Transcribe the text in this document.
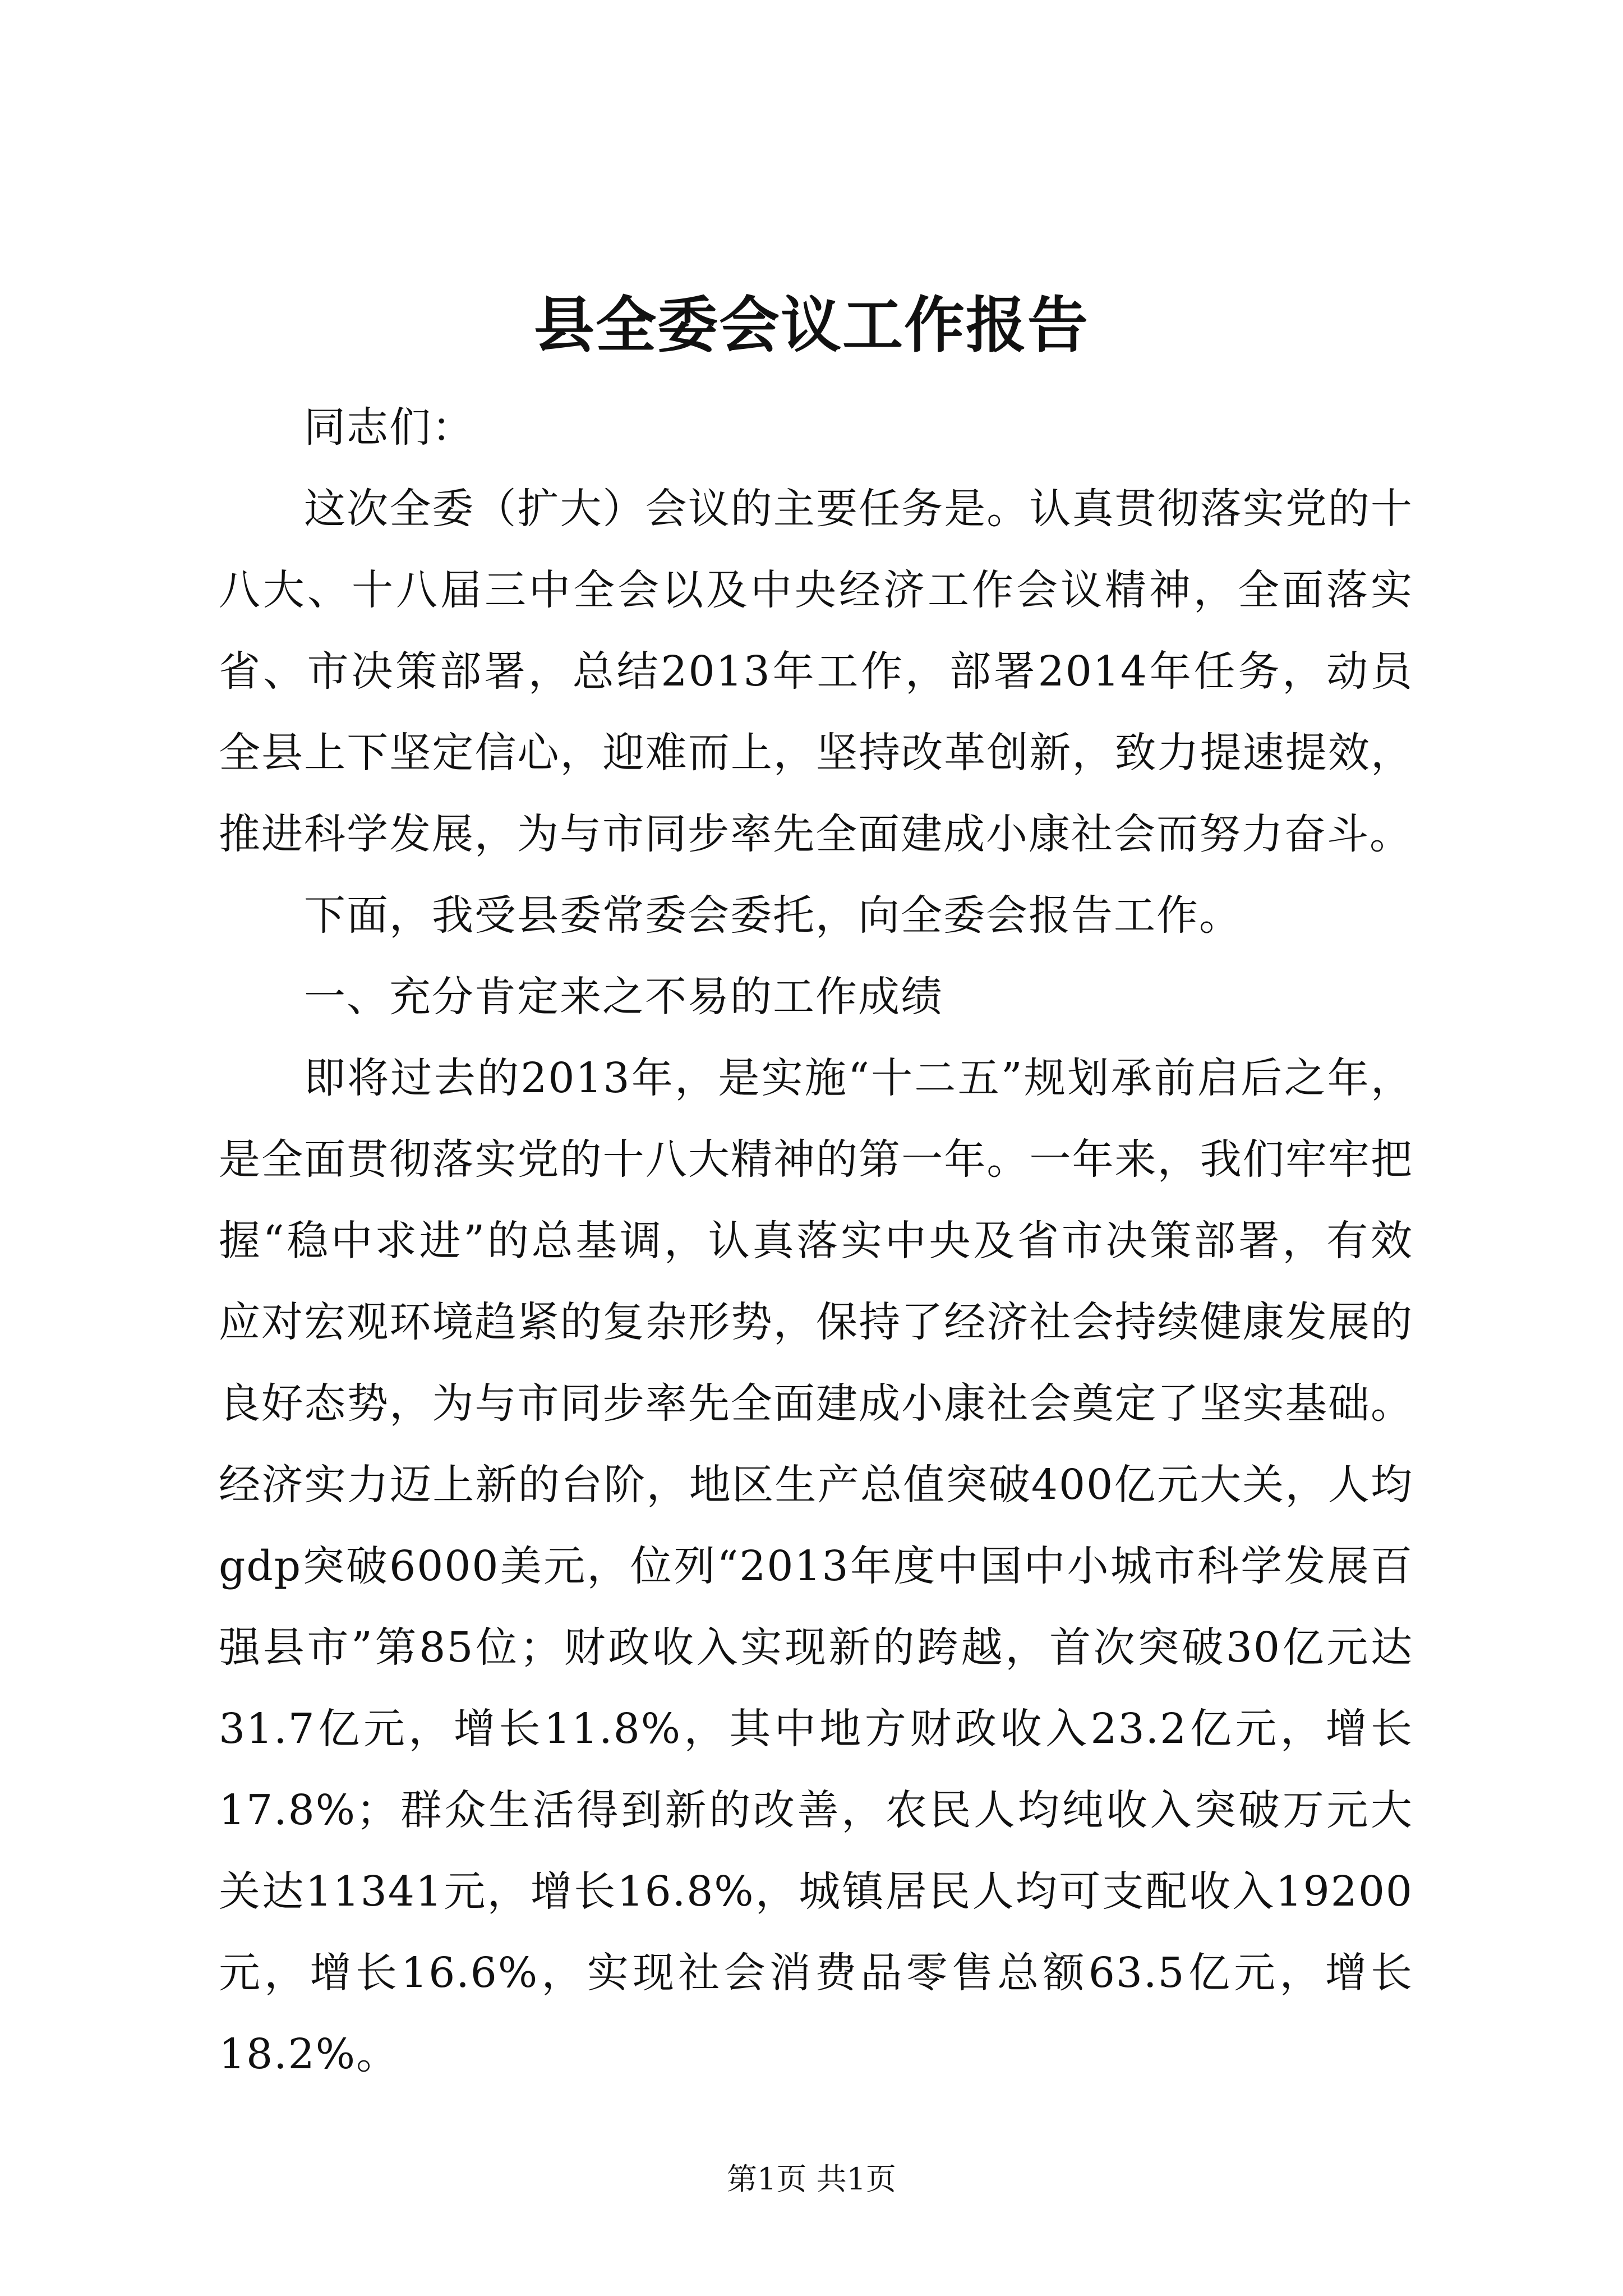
县全委会议工作报告

同志们：

这次全委（扩大）会议的主要任务是。认真贯彻落实党的十八大、十八届三中全会以及中央经济工作会议精神，全面落实省、市决策部署，总结2013年工作，部署2014年任务，动员全县上下坚定信心，迎难而上，坚持改革创新，致力提速提效，推进科学发展，为与市同步率先全面建成小康社会而努力奋斗。

下面，我受县委常委会委托，向全委会报告工作。

一、充分肯定来之不易的工作成绩

即将过去的2013年，是实施“十二五”规划承前启后之年，是全面贯彻落实党的十八大精神的第一年。一年来，我们牢牢把握“稳中求进”的总基调，认真落实中央及省市决策部署，有效应对宏观环境趋紧的复杂形势，保持了经济社会持续健康发展的良好态势，为与市同步率先全面建成小康社会奠定了坚实基础。经济实力迈上新的台阶，地区生产总值突破400亿元大关，人均gdp突破6000美元，位列“2013年度中国中小城市科学发展百强县市”第85位；财政收入实现新的跨越，首次突破30亿元达31.7亿元，增长11.8%，其中地方财政收入23.2亿元，增长17.8%；群众生活得到新的改善，农民人均纯收入突破万元大关达11341元，增长16.8%，城镇居民人均可支配收入19200元，增长16.6%，实现社会消费品零售总额63.5亿元，增长18.2%。

第1页 共1页
